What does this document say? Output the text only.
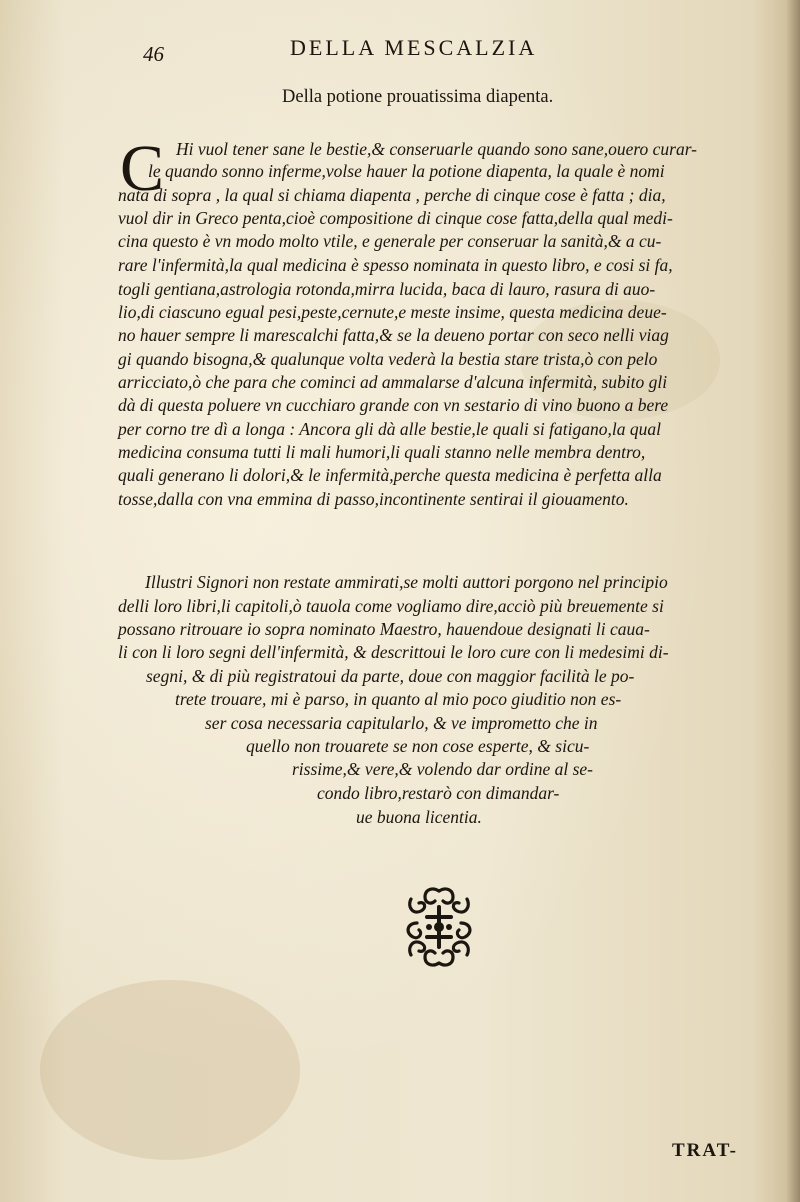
46	DELLA MESCALZIA
Della potione prouatissima diapenta.
C Hi vuol tener sane le bestie,& conseruarle quando sono sane,ouero curar-
le quando sonno inferme,volse hauer la potione diapenta, la quale è nomi
nata di sopra , la qual si chiama diapenta , perche di cinque cose è fatta ; dia,
vuol dir in Greco penta,cioè compositione di cinque cose fatta,della qual medi-
cina questo è vn modo molto vtile, e generale per conseruar la sanità,& a cu-
rare l'infermità,la qual medicina è spesso nominata in questo libro, e cosi si fa,
togli gentiana,astrologia rotonda,mirra lucida, baca di lauro, rasura di auo-
lio,di ciascuno egual pesi,peste,cernute,e meste insime, questa medicina deue-
no hauer sempre li marescalchi fatta,& se la deueno portar con seco nelli viag
gi quando bisogna,& qualunque volta vederà la bestia stare trista,ò con pelo
arricciato,ò che para che cominci ad ammalarse d'alcuna infermità, subito gli
dà di questa poluere vn cucchiaro grande con vn sestario di vino buono a bere
per corno tre dì a longa : Ancora gli dà alle bestie,le quali si fatigano,la qual
medicina consuma tutti li mali humori,li quali stanno nelle membra dentro,
quali generano li dolori,& le infermità,perche questa medicina è perfetta alla
tosse,dalla con vna emmina di passo,incontinente sentirai il giouamento.
Illustri Signori non restate ammirati,se molti auttori porgono nel principio
delli loro libri,li capitoli,ò tauola come vogliamo dire,acciò più breuemente si
possano ritrouare io sopra nominato Maestro, hauendoue designati li caua-
li con li loro segni dell'infermità, & descrittoui le loro cure con li medesimi di-
segni, & di più registratoui da parte, doue con maggior facilità le po-
trete trouare, mi è parso, in quanto al mio poco giuditio non es-
ser cosa necessaria capitularlo, & ve imprometto che in
quello non trouarete se non cose esperte, & sicu-
rissime,& vere,& volendo dar ordine al se-
condo libro,restarò con dimandar-
ue buona licentia.
TRAT-
